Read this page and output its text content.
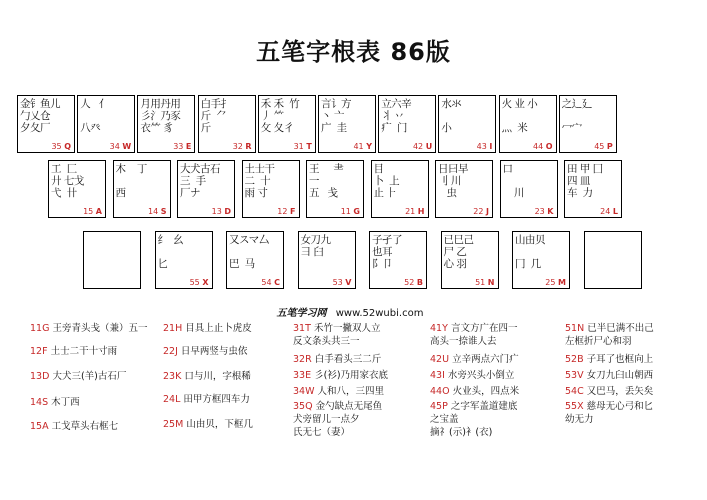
五笔字根表 86版
金钅鱼儿
勹乂仓
夕夂厂
35 Q
人   亻

八癶
34 W
月用丹用
彡氵乃豕
衣⺮ 豸
33 E
白手扌
斤  ⺈
斤
32 R
禾 禾  竹
丿 ⺮
攵 夂彳
31 T
言讠方
丶 亠
广  圭
41 Y
立六辛
丬 丷
疒  门
42 U
水氺

小
43 I
火 业 小

灬  米
44 O
之辶廴

冖宀
45 P
工  匚
廾 七戈
弋  卄
15 A
木    丁

西
14 S
大犬古石
三  手
厂ナ
13 D
土士干
二  十
雨 寸
12 F
王     ⺻
一
五   戋
11 G
目
卜  上
止 ⺊
21 H
日曰早
刂 川
虫
22 J
口

川
23 K
田 甲 囗
四 皿
车  力
24 L
纟  幺

匕
55 X
又スマ厶

巴  马
54 C
女刀九
彐 臼

53 V
子孑了
也耳
阝卩
52 B
已巳己
尸 乙
心 羽
51 N
山由贝

冂  几
25 M
五笔学习网 www.52wubi.com
11G 王旁青头戋（兼）五一
12F 土士二干十寸雨
13D 大犬三(羊)古石厂
14S 木丁西
15A 工戈草头右框七
21H 目具上止卜虎皮
22J 日早两竖与虫依
23K 口与川，字根稀
24L 田甲方框四车力
25M 山由贝，下框几
31T 禾竹一撇双人立
反文条头共三一
32R 白手看头三二斤
33E 彡(衫)乃用家衣底
34W 人和八，三四里
35Q 金勺缺点无尾鱼
犬旁留儿一点夕
氏无七（妻）
41Y 言文方广在四一
高头一捺谁人去
42U 立辛两点六门疒
43I 水旁兴头小倒立
44O 火业头，四点米
45P 之字军盖道建底
之宝盖
摘礻(示)衤(衣)
51N 已半巳满不出己
左框折尸心和羽
52B 子耳了也框向上
53V 女刀九臼山朝西
54C 又巴马，丢矢矣
55X 慈母无心弓和匕
幼无力
